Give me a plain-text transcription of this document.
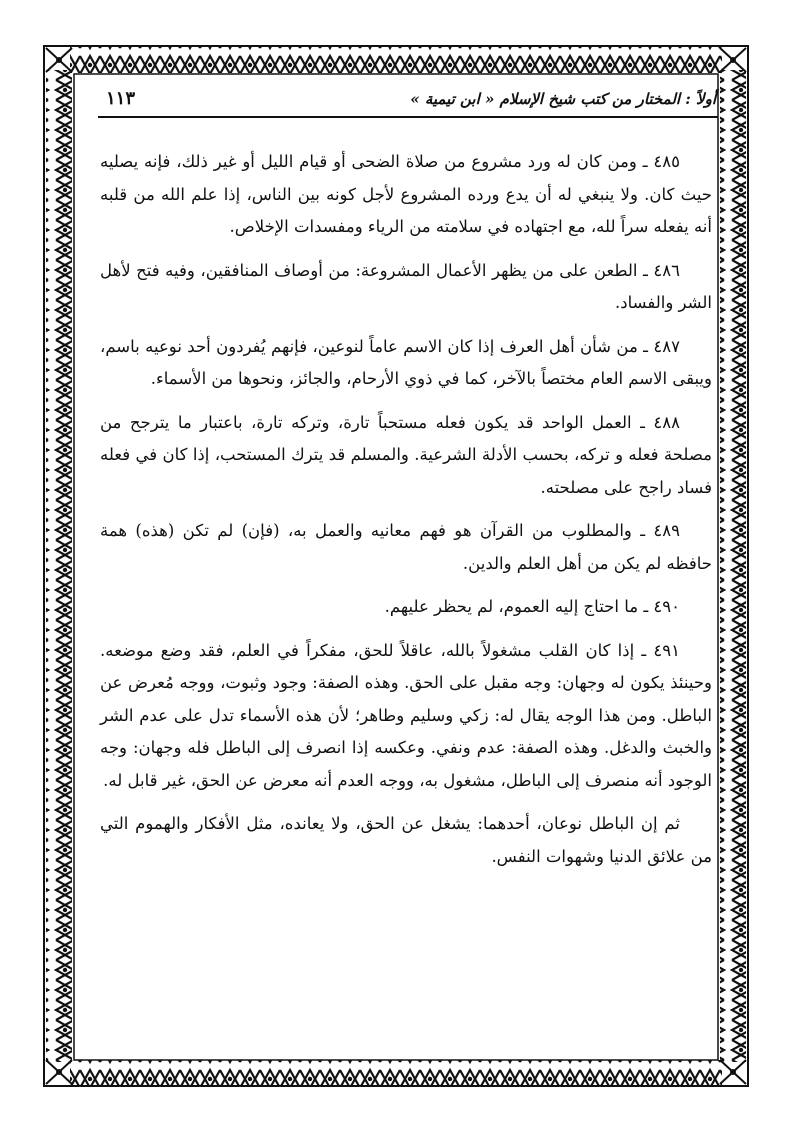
أولاً : المختار من كتب شيخ الإسلام « ابن تيمية »
١١٣

٤٨٥ ـ ومن كان له ورد مشروع من صلاة الضحى أو قيام الليل أو غير ذلك، فإنه يصليه حيث كان. ولا ينبغي له أن يدع ورده المشروع لأجل كونه بين الناس، إذا علم الله من قلبه أنه يفعله سراً لله، مع اجتهاده في سلامته من الرياء ومفسدات الإخلاص.

٤٨٦ ـ الطعن على من يظهر الأعمال المشروعة: من أوصاف المنافقين، وفيه فتح لأهل الشر والفساد.

٤٨٧ ـ من شأن أهل العرف إذا كان الاسم عاماً لنوعين، فإنهم يُفردون أحد نوعيه باسم، ويبقى الاسم العام مختصاً بالآخر، كما في ذوي الأرحام، والجائز، ونحوها من الأسماء.

٤٨٨ ـ العمل الواحد قد يكون فعله مستحباً تارة، وتركه تارة، باعتبار ما يترجح من مصلحة فعله و تركه، بحسب الأدلة الشرعية. والمسلم قد يترك المستحب، إذا كان في فعله فساد راجح على مصلحته.

٤٨٩ ـ والمطلوب من القرآن هو فهم معانيه والعمل به، (فإن) لم تكن (هذه) همة حافظه لم يكن من أهل العلم والدين.

٤٩٠ ـ ما احتاج إليه العموم، لم يحظر عليهم.

٤٩١ ـ إذا كان القلب مشغولاً بالله، عاقلاً للحق، مفكراً في العلم، فقد وضع موضعه. وحينئذ يكون له وجهان: وجه مقبل على الحق. وهذه الصفة: وجود وثبوت، ووجه مُعرض عن الباطل. ومن هذا الوجه يقال له: زكي وسليم وطاهر؛ لأن هذه الأسماء تدل على عدم الشر والخبث والدغل. وهذه الصفة: عدم ونفي. وعكسه إذا انصرف إلى الباطل فله وجهان: وجه الوجود أنه منصرف إلى الباطل، مشغول به، ووجه العدم أنه معرض عن الحق، غير قابل له.

ثم إن الباطل نوعان، أحدهما: يشغل عن الحق، ولا يعانده، مثل الأفكار والهموم التي من علائق الدنيا وشهوات النفس.
